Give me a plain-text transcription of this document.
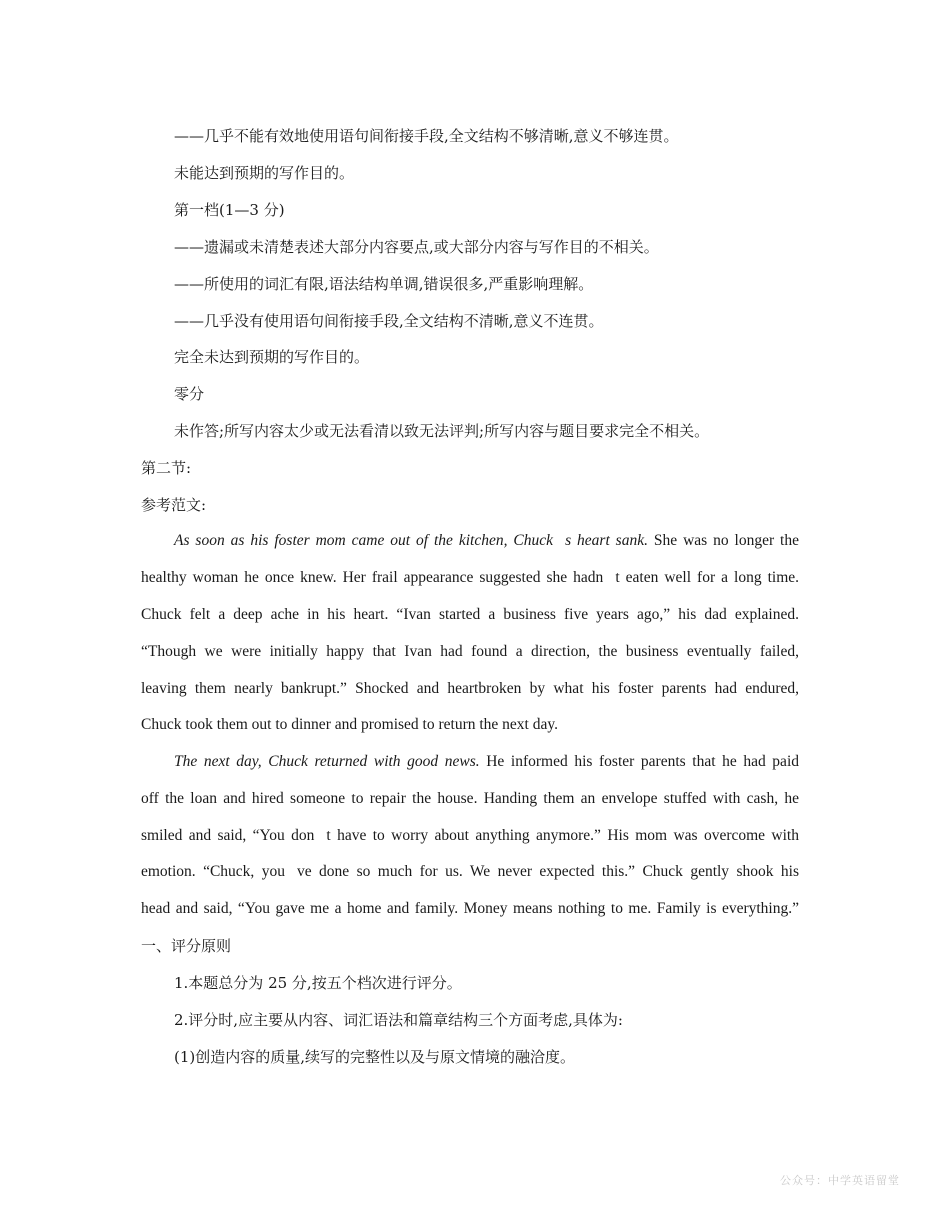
——几乎不能有效地使用语句间衔接手段,全文结构不够清晰,意义不够连贯。

未能达到预期的写作目的。

第一档(1—3 分)

——遗漏或未清楚表述大部分内容要点,或大部分内容与写作目的不相关。

——所使用的词汇有限,语法结构单调,错误很多,严重影响理解。

——几乎没有使用语句间衔接手段,全文结构不清晰,意义不连贯。

完全未达到预期的写作目的。

零分

未作答;所写内容太少或无法看清以致无法评判;所写内容与题目要求完全不相关。

第二节:

参考范文:

As soon as his foster mom came out of the kitchen, Chuck s heart sank. She was no longer the

healthy woman he once knew. Her frail appearance suggested she hadn t eaten well for a long time.

Chuck felt a deep ache in his heart. “Ivan started a business five years ago,” his dad explained.

“Though we were initially happy that Ivan had found a direction, the business eventually failed,

leaving them nearly bankrupt.” Shocked and heartbroken by what his foster parents had endured,

Chuck took them out to dinner and promised to return the next day.

The next day, Chuck returned with good news. He informed his foster parents that he had paid

off the loan and hired someone to repair the house. Handing them an envelope stuffed with cash, he

smiled and said, “You don t have to worry about anything anymore.” His mom was overcome with

emotion. “Chuck, you ve done so much for us. We never expected this.” Chuck gently shook his

head and said, “You gave me a home and family. Money means nothing to me. Family is everything.”

一、评分原则

1.本题总分为 25 分,按五个档次进行评分。

2.评分时,应主要从内容、词汇语法和篇章结构三个方面考虑,具体为:

(1)创造内容的质量,续写的完整性以及与原文情境的融洽度。

公众号：中学英语留堂
